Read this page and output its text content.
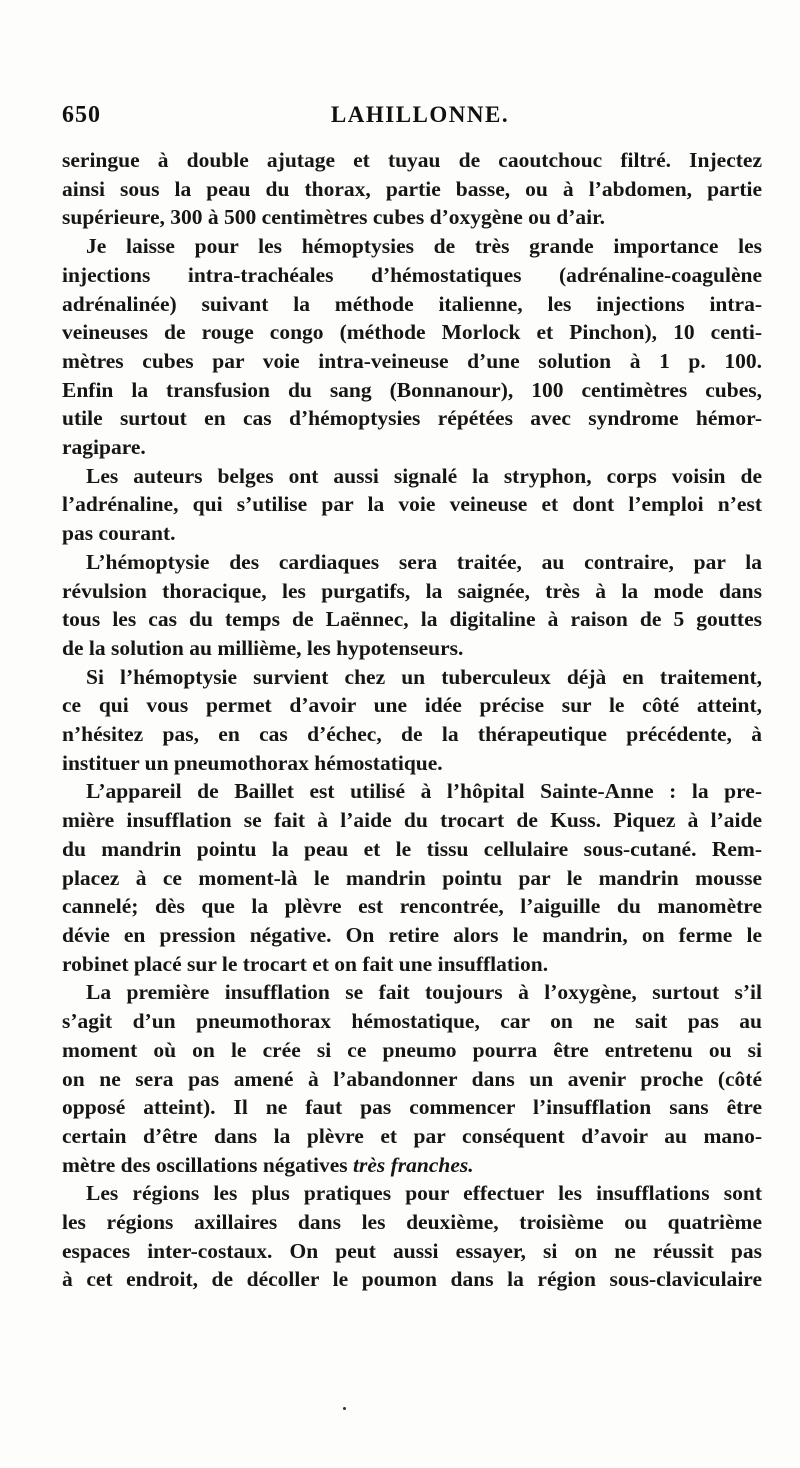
650	LAHILLONNE.
seringue à double ajutage et tuyau de caoutchouc filtré. Injectez
ainsi sous la peau du thorax, partie basse, ou à l’abdomen, partie
supérieure, 300 à 500 centimètres cubes d’oxygène ou d’air.
Je laisse pour les hémoptysies de très grande importance les
injections intra-trachéales d’hémostatiques (adrénaline-coagulène
adrénalinée) suivant la méthode italienne, les injections intra-
veineuses de rouge congo (méthode Morlock et Pinchon), 10 centi-
mètres cubes par voie intra-veineuse d’une solution à 1 p. 100.
Enfin la transfusion du sang (Bonnanour), 100 centimètres cubes,
utile surtout en cas d’hémoptysies répétées avec syndrome hémor-
ragipare.
Les auteurs belges ont aussi signalé la stryphon, corps voisin de
l’adrénaline, qui s’utilise par la voie veineuse et dont l’emploi n’est
pas courant.
L’hémoptysie des cardiaques sera traitée, au contraire, par la
révulsion thoracique, les purgatifs, la saignée, très à la mode dans
tous les cas du temps de Laënnec, la digitaline à raison de 5 gouttes
de la solution au millième, les hypotenseurs.
Si l’hémoptysie survient chez un tuberculeux déjà en traitement,
ce qui vous permet d’avoir une idée précise sur le côté atteint,
n’hésitez pas, en cas d’échec, de la thérapeutique précédente, à
instituer un pneumothorax hémostatique.
L’appareil de Baillet est utilisé à l’hôpital Sainte-Anne : la pre-
mière insufflation se fait à l’aide du trocart de Kuss. Piquez à l’aide
du mandrin pointu la peau et le tissu cellulaire sous-cutané. Rem-
placez à ce moment-là le mandrin pointu par le mandrin mousse
cannelé; dès que la plèvre est rencontrée, l’aiguille du manomètre
dévie en pression négative. On retire alors le mandrin, on ferme le
robinet placé sur le trocart et on fait une insufflation.
La première insufflation se fait toujours à l’oxygène, surtout s’il
s’agit d’un pneumothorax hémostatique, car on ne sait pas au
moment où on le crée si ce pneumo pourra être entretenu ou si
on ne sera pas amené à l’abandonner dans un avenir proche (côté
opposé atteint). Il ne faut pas commencer l’insufflation sans être
certain d’être dans la plèvre et par conséquent d’avoir au mano-
mètre des oscillations négatives très franches.
Les régions les plus pratiques pour effectuer les insufflations sont
les régions axillaires dans les deuxième, troisième ou quatrième
espaces inter-costaux. On peut aussi essayer, si on ne réussit pas
à cet endroit, de décoller le poumon dans la région sous-claviculaire
